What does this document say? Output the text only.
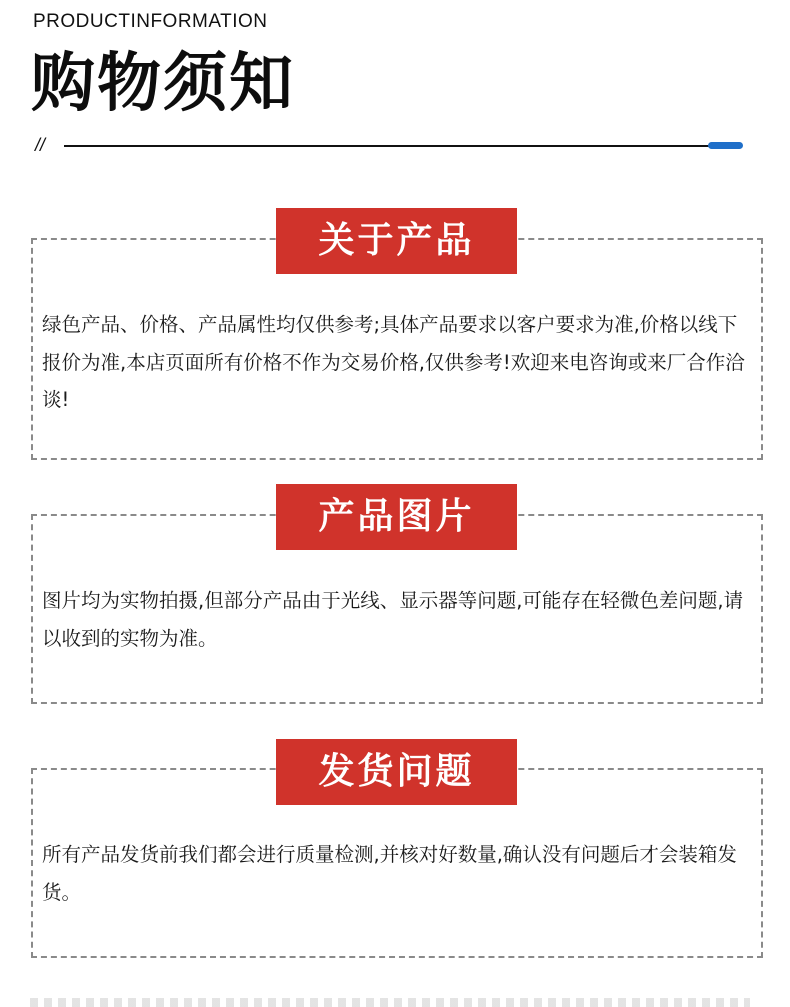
PRODUCTINFORMATION
购物须知
//
关于产品

绿色产品、价格、产品属性均仅供参考;具体产品要求以客户要求为准,价格以线下报价为准,本店页面所有价格不作为交易价格,仅供参考!欢迎来电咨询或来厂合作洽谈!

产品图片

图片均为实物拍摄,但部分产品由于光线、显示器等问题,可能存在轻微色差问题,请以收到的实物为准。

发货问题

所有产品发货前我们都会进行质量检测,并核对好数量,确认没有问题后才会装箱发货。
